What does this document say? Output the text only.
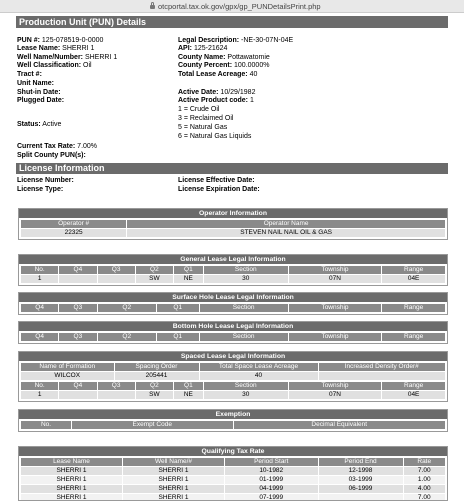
otcportal.tax.ok.gov/gpx/gp_PUNDetailsPrint.php
Production Unit (PUN) Details
PUN #: 125-078519-0-0000
Lease Name: SHERRI 1
Well Name/Number: SHERRI 1
Well Classification: Oil
Tract #:
Unit Name:
Shut-in Date:
Plugged Date:
Status: Active
Current Tax Rate: 7.00%
Split County PUN(s):
Legal Description: -NE-30-07N-04E
API: 125-21624
County Name: Pottawatomie
County Percent: 100.0000%
Total Lease Acreage: 40
Active Date: 10/29/1982
Active Product code: 1
1 = Crude Oil
3 = Reclaimed Oil
5 = Natural Gas
6 = Natural Gas Liquids
License Information
License Number:
License Type:
License Effective Date:
License Expiration Date:
Operator Information
Operator #	Operator Name
22325	STEVEN NAIL NAIL OIL & GAS
General Lease Legal Information
No.	Q4	Q3	Q2	Q1	Section	Township	Range
1			SW	NE	30	07N	04E
Surface Hole Lease Legal Information
Q4	Q3	Q2	Q1	Section	Township	Range
Bottom Hole Lease Legal Information
Q4	Q3	Q2	Q1	Section	Township	Range
Spaced Lease Legal Information
Name of Formation	Spacing Order	Total Space Lease Acreage	Increased Density Order#
WILCOX	205441	40	
No.	Q4	Q3	Q2	Q1	Section	Township	Range
1			SW	NE	30	07N	04E
Exemption
No.	Exempt Code	Decimal Equivalent
Qualifying Tax Rate
Lease Name	Well Name/#	Period Start	Period End	Rate
SHERRI 1	SHERRI 1	10-1982	12-1998	7.00
SHERRI 1	SHERRI 1	01-1999	03-1999	1.00
SHERRI 1	SHERRI 1	04-1999	06-1999	4.00
SHERRI 1	SHERRI 1	07-1999		7.00
